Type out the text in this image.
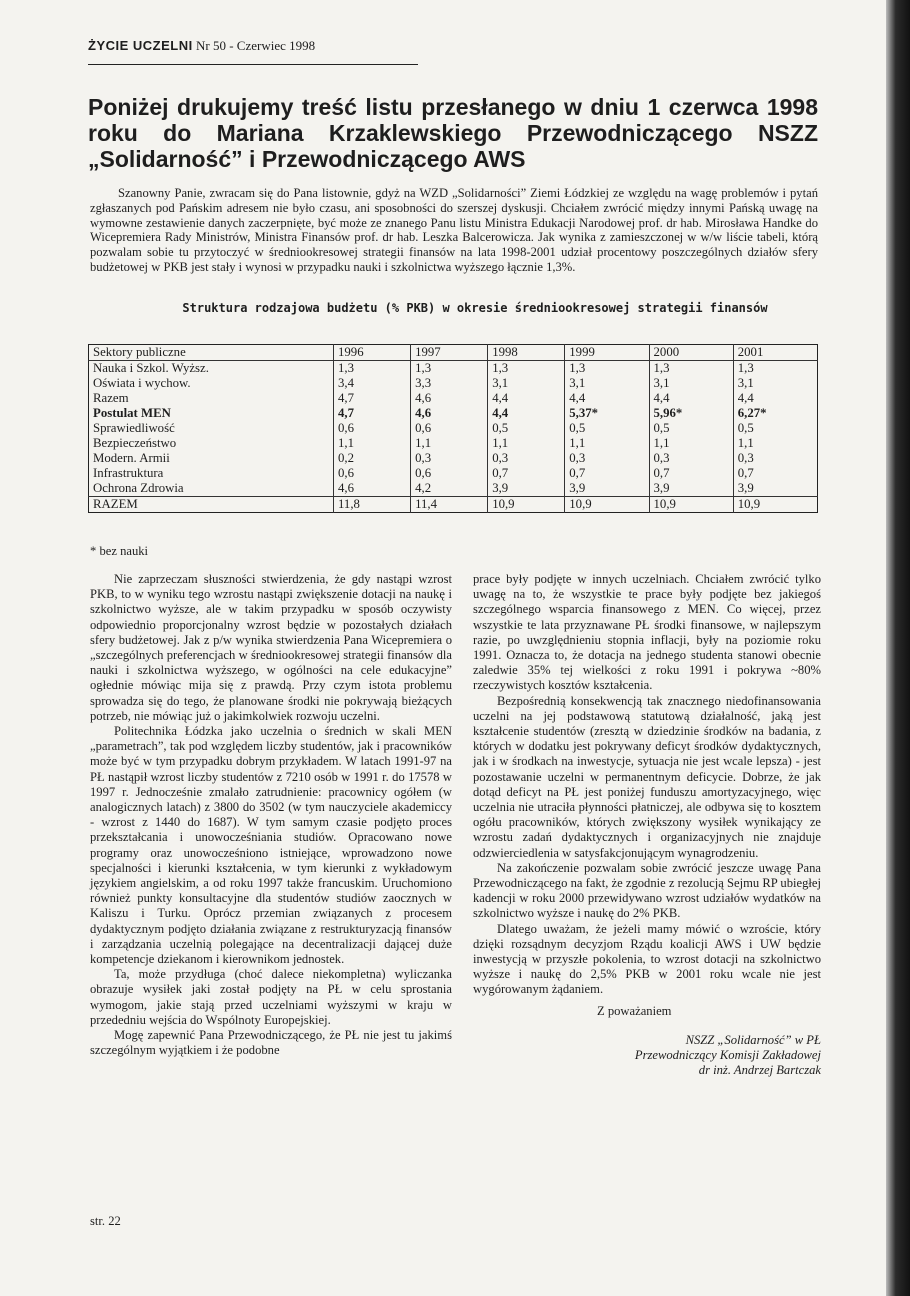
ŻYCIE UCZELNI Nr 50 - Czerwiec 1998
Poniżej drukujemy treść listu przesłanego w dniu 1 czerwca 1998 roku do Mariana Krzaklewskiego Przewodniczącego NSZZ „Solidarność” i Przewodniczącego AWS

Szanowny Panie, zwracam się do Pana listownie, gdyż na WZD „Solidarności” Ziemi Łódzkiej ze względu na wagę problemów i pytań zgłaszanych pod Pańskim adresem nie było czasu, ani sposobności do szerszej dyskusji. Chciałem zwrócić między innymi Pańską uwagę na wymowne zestawienie danych zaczerpnięte, być może ze znanego Panu listu Ministra Edukacji Narodowej prof. dr hab. Mirosława Handke do Wicepremiera Rady Ministrów, Ministra Finansów prof. dr hab. Leszka Balcerowicza. Jak wynika z zamieszczonej w w/w liście tabeli, którą pozwalam sobie tu przytoczyć w średniookresowej strategii finansów na lata 1998-2001 udział procentowy poszczególnych działów sfery budżetowej w PKB jest stały i wynosi w przypadku nauki i szkolnictwa wyższego łącznie 1,3%.

Struktura rodzajowa budżetu (% PKB) w okresie średniookresowej strategii finansów
Sektory publiczne	1996	1997	1998	1999	2000	2001
Nauka i Szkol. Wyższ.	1,3	1,3	1,3	1,3	1,3	1,3
Oświata i wychow.	3,4	3,3	3,1	3,1	3,1	3,1
Razem	4,7	4,6	4,4	4,4	4,4	4,4
Postulat MEN	4,7	4,6	4,4	5,37*	5,96*	6,27*
Sprawiedliwość	0,6	0,6	0,5	0,5	0,5	0,5
Bezpieczeństwo	1,1	1,1	1,1	1,1	1,1	1,1
Modern. Armii	0,2	0,3	0,3	0,3	0,3	0,3
Infrastruktura	0,6	0,6	0,7	0,7	0,7	0,7
Ochrona Zdrowia	4,6	4,2	3,9	3,9	3,9	3,9
RAZEM	11,8	11,4	10,9	10,9	10,9	10,9
* bez nauki

Nie zaprzeczam słuszności stwierdzenia, że gdy nastąpi wzrost PKB, to w wyniku tego wzrostu nastąpi zwiększenie dotacji na naukę i szkolnictwo wyższe, ale w takim przypadku w sposób oczywisty odpowiednio proporcjonalny wzrost będzie w pozostałych działach sfery budżetowej. Jak z p/w wynika stwierdzenia Pana Wicepremiera o „szczególnych preferencjach w średniookresowej strategii finansów dla nauki i szkolnictwa wyższego, w ogólności na cele edukacyjne” ogłednie mówiąc mija się z prawdą. Przy czym istota problemu sprowadza się do tego, że planowane środki nie pokrywają bieżących potrzeb, nie mówiąc już o jakimkolwiek rozwoju uczelni.

Politechnika Łódzka jako uczelnia o średnich w skali MEN „parametrach”, tak pod względem liczby studentów, jak i pracowników może być w tym przypadku dobrym przykładem. W latach 1991-97 na PŁ nastąpił wzrost liczby studentów z 7210 osób w 1991 r. do 17578 w 1997 r. Jednocześnie zmalało zatrudnienie: pracownicy ogółem (w analogicznych latach) z 3800 do 3502 (w tym nauczyciele akademiccy - wzrost z 1440 do 1687). W tym samym czasie podjęto proces przekształcania i unowocześniania studiów. Opracowano nowe programy oraz unowocześniono istniejące, wprowadzono nowe specjalności i kierunki kształcenia, w tym kierunki z wykładowym językiem angielskim, a od roku 1997 także francuskim. Uruchomiono również punkty konsultacyjne dla studentów studiów zaocznych w Kaliszu i Turku. Oprócz przemian związanych z procesem dydaktycznym podjęto działania związane z restrukturyzacją finansów i zarządzania uczelnią polegające na decentralizacji dającej duże kompetencje dziekanom i kierownikom jednostek.

Ta, może przydługa (choć dalece niekompletna) wyliczanka obrazuje wysiłek jaki został podjęty na PŁ w celu sprostania wymogom, jakie stają przed uczelniami wyższymi w kraju w przededniu wejścia do Wspólnoty Europejskiej.

Mogę zapewnić Pana Przewodniczącego, że PŁ nie jest tu jakimś szczególnym wyjątkiem i że podobne

prace były podjęte w innych uczelniach. Chciałem zwrócić tylko uwagę na to, że wszystkie te prace były podjęte bez jakiegoś szczególnego wsparcia finansowego z MEN. Co więcej, przez wszystkie te lata przyznawane PŁ środki finansowe, w najlepszym razie, po uwzględnieniu stopnia inflacji, były na poziomie roku 1991. Oznacza to, że dotacja na jednego studenta stanowi obecnie zaledwie 35% tej wielkości z roku 1991 i pokrywa ~80% rzeczywistych kosztów kształcenia.

Bezpośrednią konsekwencją tak znacznego niedofinansowania uczelni na jej podstawową statutową działalność, jaką jest kształcenie studentów (zresztą w dziedzinie środków na badania, z których w dodatku jest pokrywany deficyt środków dydaktycznych, jak i w środkach na inwestycje, sytuacja nie jest wcale lepsza) - jest pozostawanie uczelni w permanentnym deficycie. Dobrze, że jak dotąd deficyt na PŁ jest poniżej funduszu amortyzacyjnego, więc uczelnia nie utraciła płynności płatniczej, ale odbywa się to kosztem ogółu pracowników, których zwiększony wysiłek wynikający ze wzrostu zadań dydaktycznych i organizacyjnych nie znajduje odzwierciedlenia w satysfakcjonującym wynagrodzeniu.

Na zakończenie pozwalam sobie zwrócić jeszcze uwagę Pana Przewodniczącego na fakt, że zgodnie z rezolucją Sejmu RP ubiegłej kadencji w roku 2000 przewidywano wzrost udziałów wydatków na szkolnictwo wyższe i naukę do 2% PKB.

Dlatego uważam, że jeżeli mamy mówić o wzroście, który dzięki rozsądnym decyzjom Rządu koalicji AWS i UW będzie inwestycją w przyszłe pokolenia, to wzrost dotacji na szkolnictwo wyższe i naukę do 2,5% PKB w 2001 roku wcale nie jest wygórowanym żądaniem.

Z poważaniem
NSZZ „Solidarność” w PŁ
Przewodniczący Komisji Zakładowej
dr inż. Andrzej Bartczak
str. 22
